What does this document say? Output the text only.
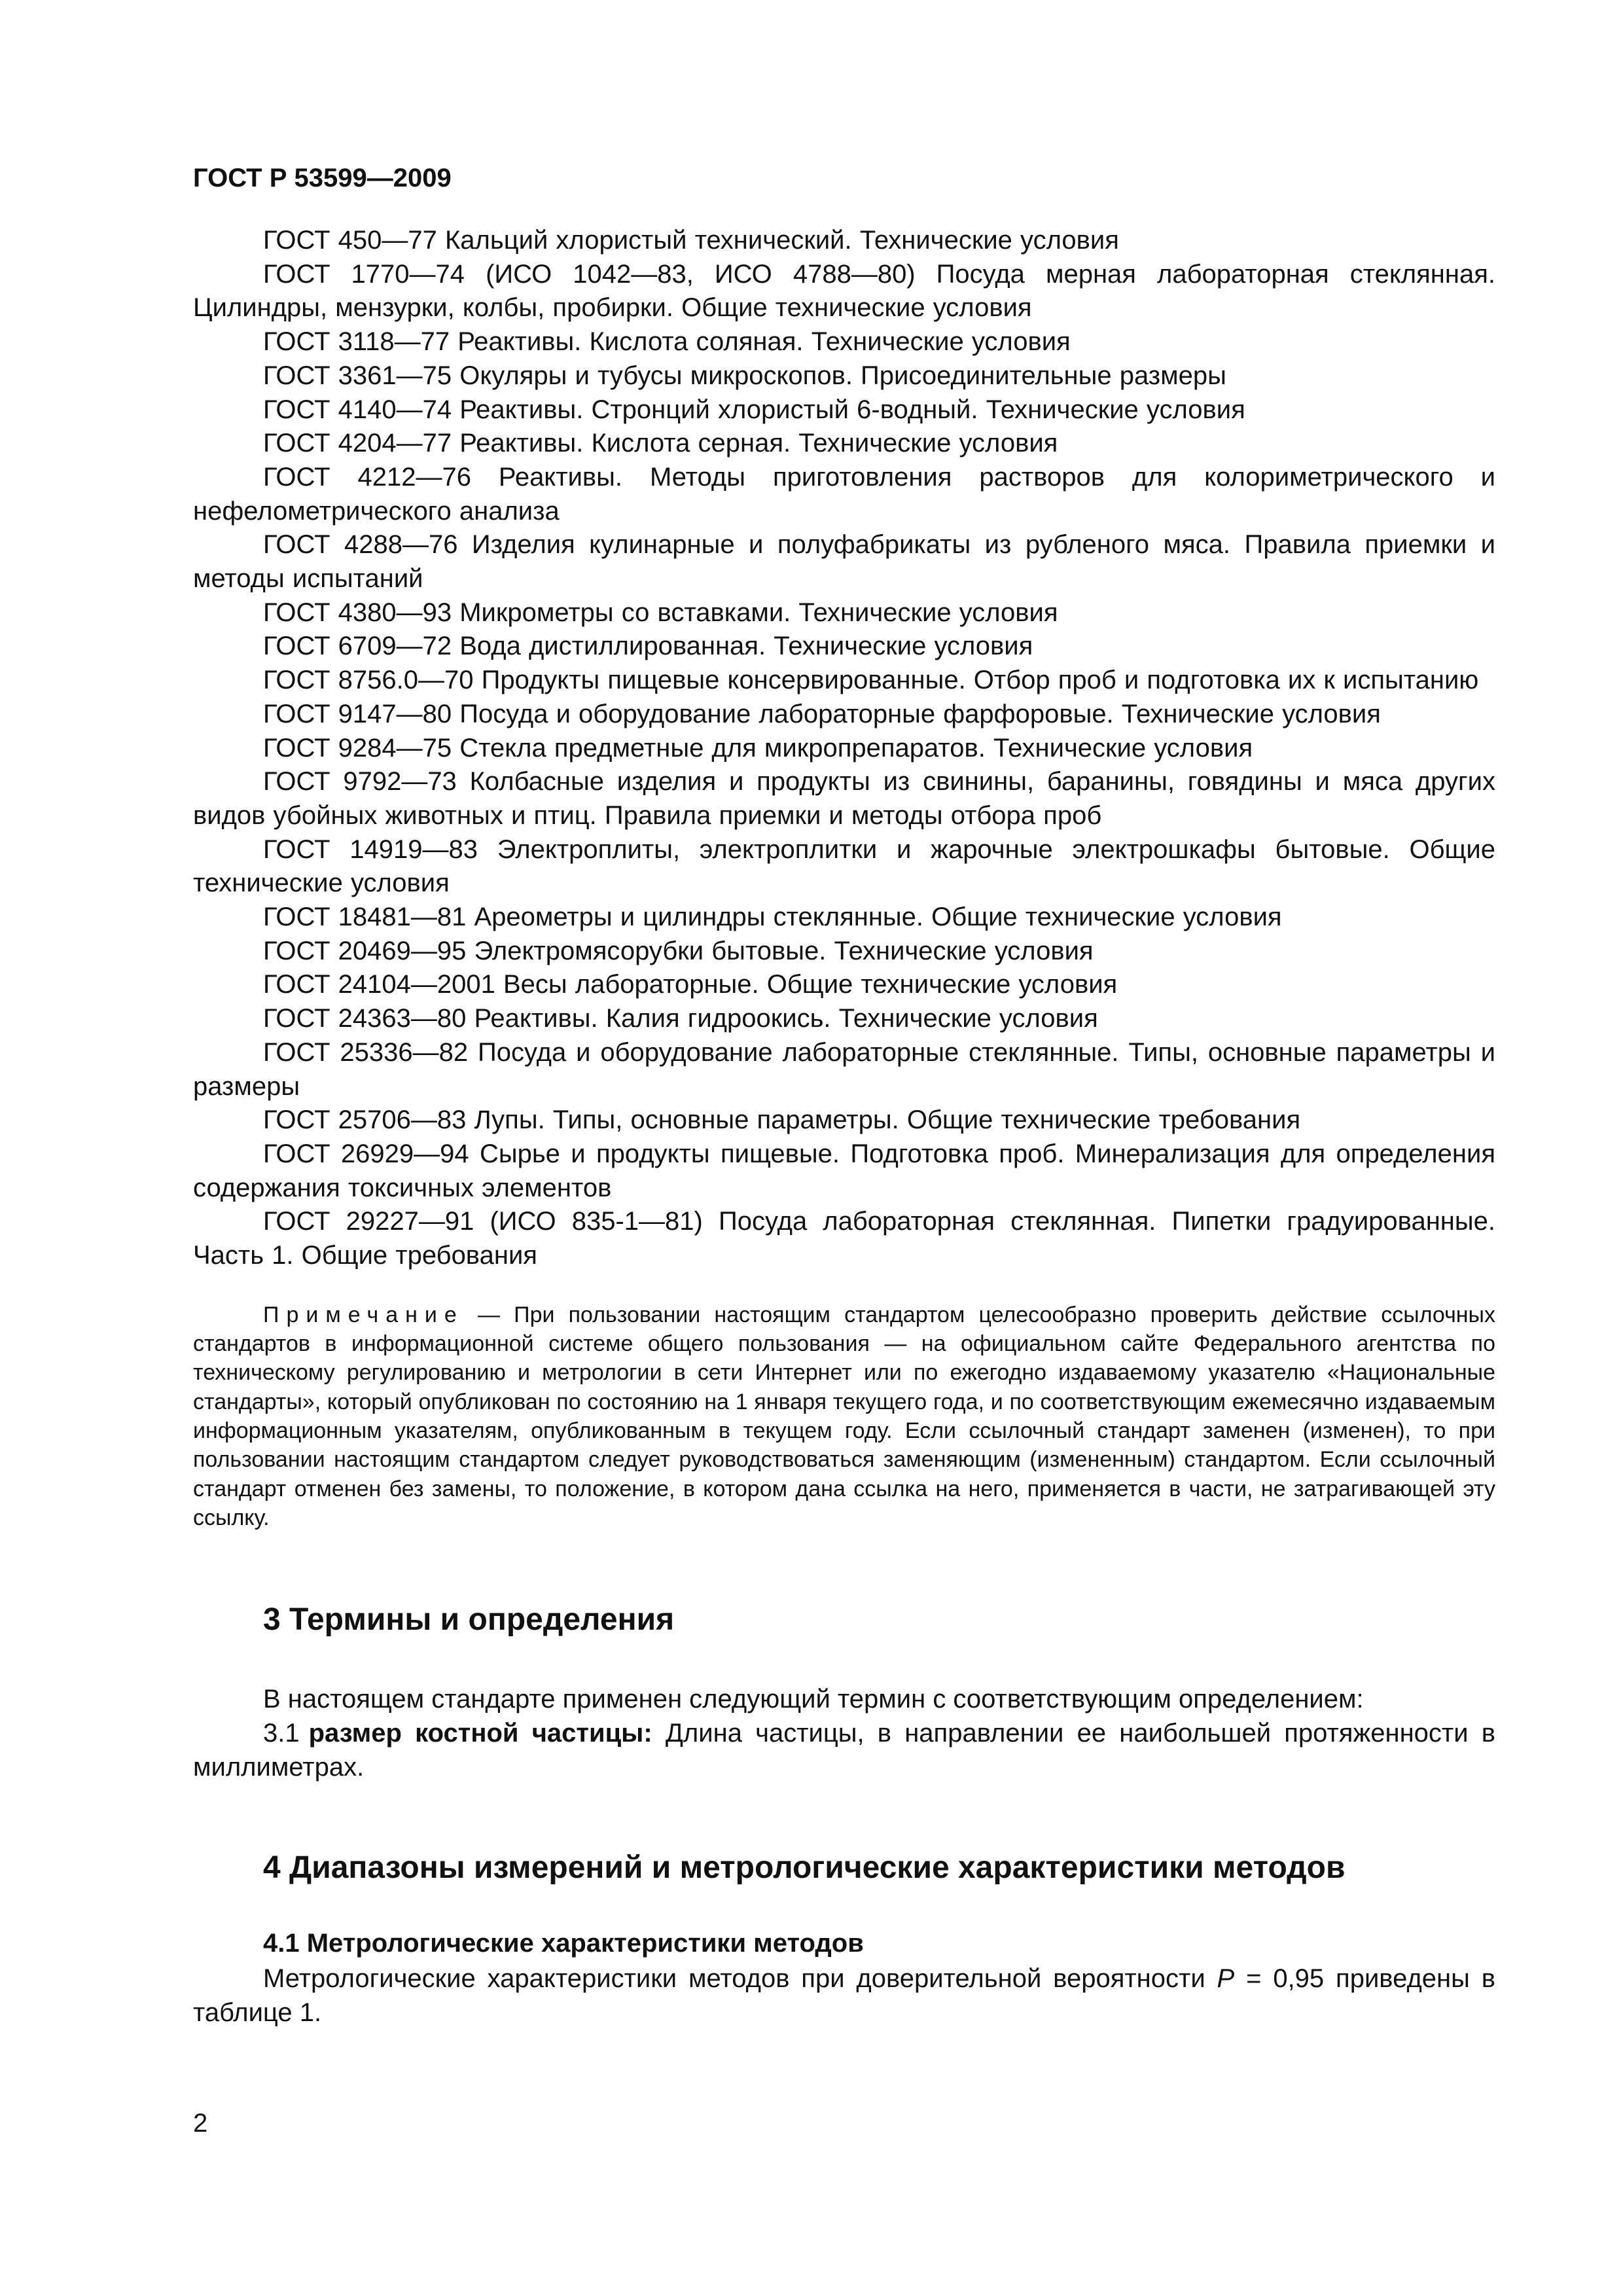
ГОСТ Р 53599—2009

ГОСТ 450—77 Кальций хлористый технический. Технические условия

ГОСТ 1770—74 (ИСО 1042—83, ИСО 4788—80) Посуда мерная лабораторная стеклянная. Цилиндры, мензурки, колбы, пробирки. Общие технические условия

ГОСТ 3118—77 Реактивы. Кислота соляная. Технические условия

ГОСТ 3361—75 Окуляры и тубусы микроскопов. Присоединительные размеры

ГОСТ 4140—74 Реактивы. Стронций хлористый 6-водный. Технические условия

ГОСТ 4204—77 Реактивы. Кислота серная. Технические условия

ГОСТ 4212—76 Реактивы. Методы приготовления растворов для колориметрического и нефелометрического анализа

ГОСТ 4288—76 Изделия кулинарные и полуфабрикаты из рубленого мяса. Правила приемки и методы испытаний

ГОСТ 4380—93 Микрометры со вставками. Технические условия

ГОСТ 6709—72 Вода дистиллированная. Технические условия

ГОСТ 8756.0—70 Продукты пищевые консервированные. Отбор проб и подготовка их к испытанию

ГОСТ 9147—80 Посуда и оборудование лабораторные фарфоровые. Технические условия

ГОСТ 9284—75 Стекла предметные для микропрепаратов. Технические условия

ГОСТ 9792—73 Колбасные изделия и продукты из свинины, баранины, говядины и мяса других видов убойных животных и птиц. Правила приемки и методы отбора проб

ГОСТ 14919—83 Электроплиты, электроплитки и жарочные электрошкафы бытовые. Общие технические условия

ГОСТ 18481—81 Ареометры и цилиндры стеклянные. Общие технические условия

ГОСТ 20469—95 Электромясорубки бытовые. Технические условия

ГОСТ 24104—2001 Весы лабораторные. Общие технические условия

ГОСТ 24363—80 Реактивы. Калия гидроокись. Технические условия

ГОСТ 25336—82 Посуда и оборудование лабораторные стеклянные. Типы, основные параметры и размеры

ГОСТ 25706—83 Лупы. Типы, основные параметры. Общие технические требования

ГОСТ 26929—94 Сырье и продукты пищевые. Подготовка проб. Минерализация для определения содержания токсичных элементов

ГОСТ 29227—91 (ИСО 835-1—81) Посуда лабораторная стеклянная. Пипетки градуированные. Часть 1. Общие требования

Примечание — При пользовании настоящим стандартом целесообразно проверить действие ссылочных стандартов в информационной системе общего пользования — на официальном сайте Федерального агентства по техническому регулированию и метрологии в сети Интернет или по ежегодно издаваемому указателю «Национальные стандарты», который опубликован по состоянию на 1 января текущего года, и по соответствующим ежемесячно издаваемым информационным указателям, опубликованным в текущем году. Если ссылочный стандарт заменен (изменен), то при пользовании настоящим стандартом следует руководствоваться заменяющим (измененным) стандартом. Если ссылочный стандарт отменен без замены, то положение, в котором дана ссылка на него, применяется в части, не затрагивающей эту ссылку.

3 Термины и определения

В настоящем стандарте применен следующий термин с соответствующим определением:

3.1 размер костной частицы: Длина частицы, в направлении ее наибольшей протяженности в миллиметрах.

4 Диапазоны измерений и метрологические характеристики методов
4.1 Метрологические характеристики методов

Метрологические характеристики методов при доверительной вероятности P = 0,95 приведены в таблице 1.

2
